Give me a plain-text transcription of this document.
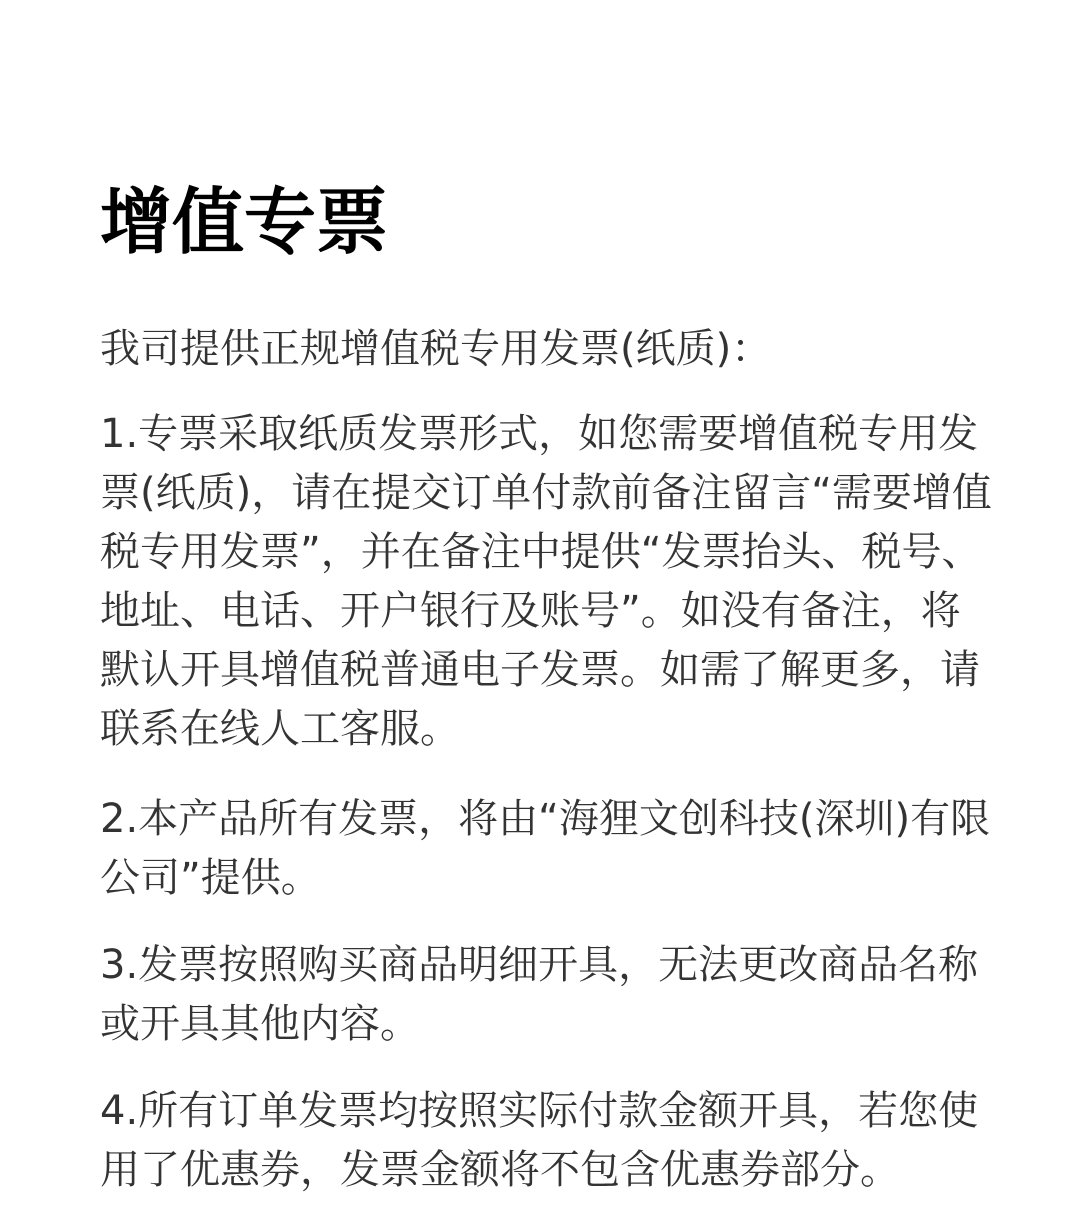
增值专票

我司提供正规增值税专用发票(纸质)：

1.专票采取纸质发票形式，如您需要增值税专用发票(纸质)，请在提交订单付款前备注留言“需要增值税专用发票”，并在备注中提供“发票抬头、税号、地址、电话、开户银行及账号”。如没有备注，将默认开具增值税普通电子发票。如需了解更多，请联系在线人工客服。

2.本产品所有发票，将由“海狸文创科技(深圳)有限公司”提供。

3.发票按照购买商品明细开具，无法更改商品名称或开具其他内容。

4.所有订单发票均按照实际付款金额开具，若您使用了优惠券，发票金额将不包含优惠券部分。
